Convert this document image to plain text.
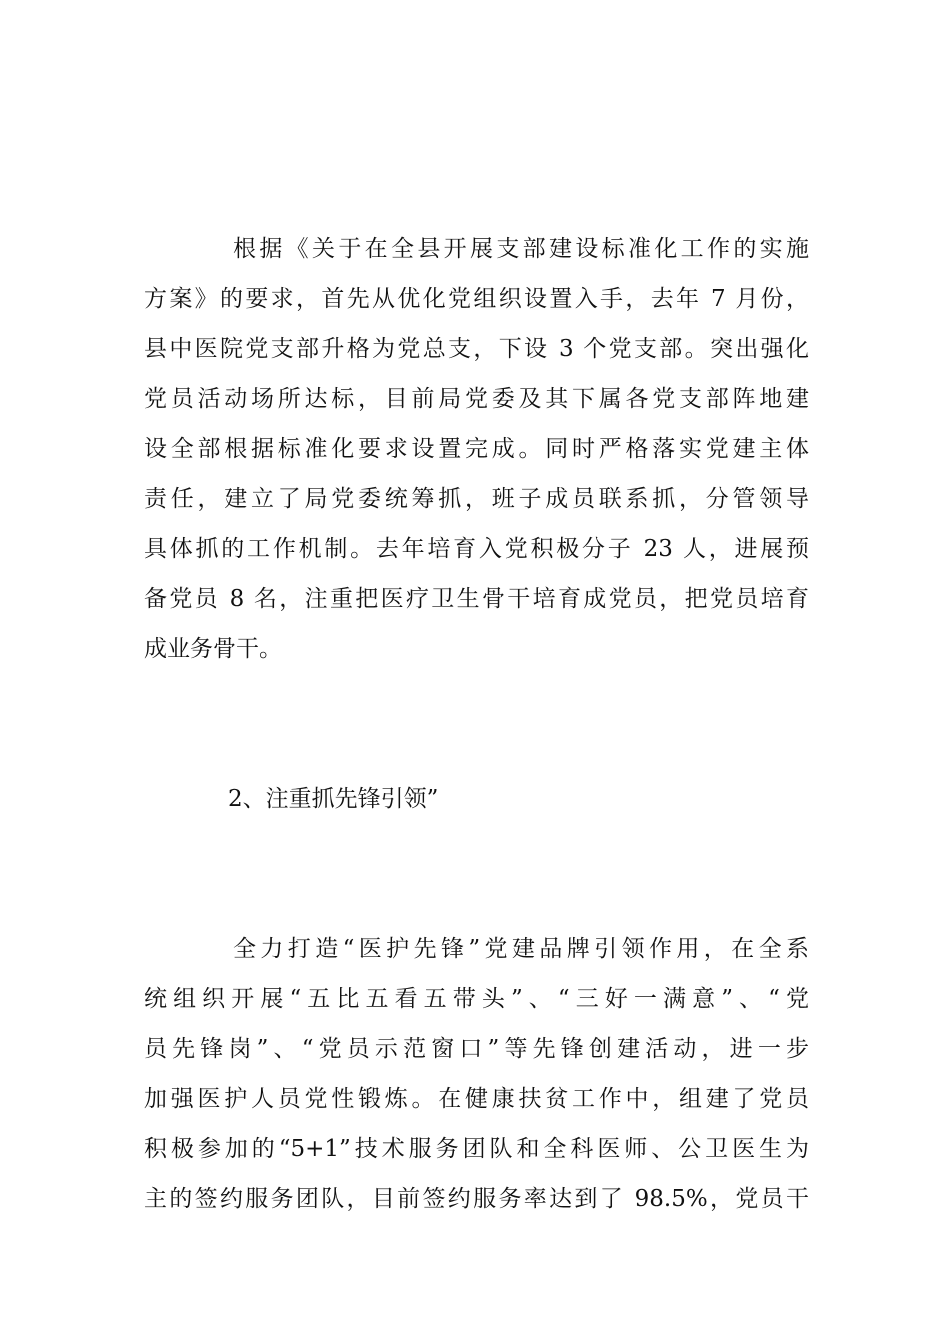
根据《关于在全县开展支部建设标准化工作的实施
方案》的要求，首先从优化党组织设置入手，去年 7 月份，
县中医院党支部升格为党总支，下设 3 个党支部。突出强化
党员活动场所达标，目前局党委及其下属各党支部阵地建
设全部根据标准化要求设置完成。同时严格落实党建主体
责任，建立了局党委统筹抓，班子成员联系抓，分管领导
具体抓的工作机制。去年培育入党积极分子 23 人，进展预
备党员 8 名，注重把医疗卫生骨干培育成党员，把党员培育
成业务骨干。
2、注重抓先锋引领”
全力打造“医护先锋”党建品牌引领作用，在全系
统组织开展“五比五看五带头”、“三好一满意”、“党
员先锋岗”、“党员示范窗口”等先锋创建活动，进一步
加强医护人员党性锻炼。在健康扶贫工作中，组建了党员
积极参加的“5+1”技术服务团队和全科医师、公卫医生为
主的签约服务团队，目前签约服务率达到了 98.5%，党员干
